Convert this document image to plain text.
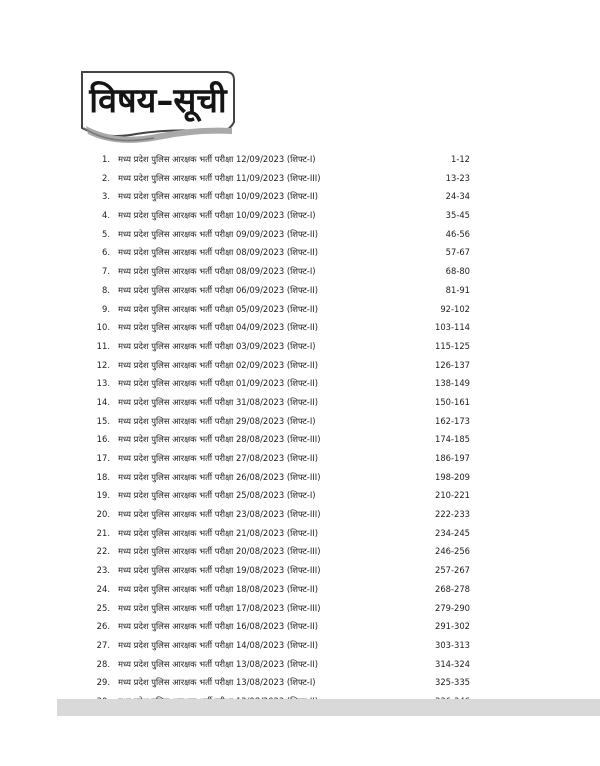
विषय–सूची
1. मध्य प्रदेश पुलिस आरक्षक भर्ती परीक्षा 12/09/2023 (शिफ्ट-I)	1-12
2. मध्य प्रदेश पुलिस आरक्षक भर्ती परीक्षा 11/09/2023 (शिफ्ट-III)	13-23
3. मध्य प्रदेश पुलिस आरक्षक भर्ती परीक्षा 10/09/2023 (शिफ्ट-II)	24-34
4. मध्य प्रदेश पुलिस आरक्षक भर्ती परीक्षा 10/09/2023 (शिफ्ट-I)	35-45
5. मध्य प्रदेश पुलिस आरक्षक भर्ती परीक्षा 09/09/2023 (शिफ्ट-II)	46-56
6. मध्य प्रदेश पुलिस आरक्षक भर्ती परीक्षा 08/09/2023 (शिफ्ट-II)	57-67
7. मध्य प्रदेश पुलिस आरक्षक भर्ती परीक्षा 08/09/2023 (शिफ्ट-I)	68-80
8. मध्य प्रदेश पुलिस आरक्षक भर्ती परीक्षा 06/09/2023 (शिफ्ट-II)	81-91
9. मध्य प्रदेश पुलिस आरक्षक भर्ती परीक्षा 05/09/2023 (शिफ्ट-II)	92-102
10. मध्य प्रदेश पुलिस आरक्षक भर्ती परीक्षा 04/09/2023 (शिफ्ट-II)	103-114
11. मध्य प्रदेश पुलिस आरक्षक भर्ती परीक्षा 03/09/2023 (शिफ्ट-I)	115-125
12. मध्य प्रदेश पुलिस आरक्षक भर्ती परीक्षा 02/09/2023 (शिफ्ट-II)	126-137
13. मध्य प्रदेश पुलिस आरक्षक भर्ती परीक्षा 01/09/2023 (शिफ्ट-II)	138-149
14. मध्य प्रदेश पुलिस आरक्षक भर्ती परीक्षा 31/08/2023 (शिफ्ट-II)	150-161
15. मध्य प्रदेश पुलिस आरक्षक भर्ती परीक्षा 29/08/2023 (शिफ्ट-I)	162-173
16. मध्य प्रदेश पुलिस आरक्षक भर्ती परीक्षा 28/08/2023 (शिफ्ट-III)	174-185
17. मध्य प्रदेश पुलिस आरक्षक भर्ती परीक्षा 27/08/2023 (शिफ्ट-II)	186-197
18. मध्य प्रदेश पुलिस आरक्षक भर्ती परीक्षा 26/08/2023 (शिफ्ट-III)	198-209
19. मध्य प्रदेश पुलिस आरक्षक भर्ती परीक्षा 25/08/2023 (शिफ्ट-I)	210-221
20. मध्य प्रदेश पुलिस आरक्षक भर्ती परीक्षा 23/08/2023 (शिफ्ट-III)	222-233
21. मध्य प्रदेश पुलिस आरक्षक भर्ती परीक्षा 21/08/2023 (शिफ्ट-II)	234-245
22. मध्य प्रदेश पुलिस आरक्षक भर्ती परीक्षा 20/08/2023 (शिफ्ट-III)	246-256
23. मध्य प्रदेश पुलिस आरक्षक भर्ती परीक्षा 19/08/2023 (शिफ्ट-III)	257-267
24. मध्य प्रदेश पुलिस आरक्षक भर्ती परीक्षा 18/08/2023 (शिफ्ट-II)	268-278
25. मध्य प्रदेश पुलिस आरक्षक भर्ती परीक्षा 17/08/2023 (शिफ्ट-III)	279-290
26. मध्य प्रदेश पुलिस आरक्षक भर्ती परीक्षा 16/08/2023 (शिफ्ट-II)	291-302
27. मध्य प्रदेश पुलिस आरक्षक भर्ती परीक्षा 14/08/2023 (शिफ्ट-II)	303-313
28. मध्य प्रदेश पुलिस आरक्षक भर्ती परीक्षा 13/08/2023 (शिफ्ट-II)	314-324
29. मध्य प्रदेश पुलिस आरक्षक भर्ती परीक्षा 13/08/2023 (शिफ्ट-I)	325-335
